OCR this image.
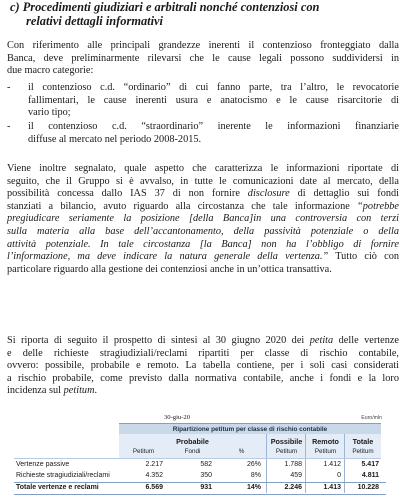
c) Procedimenti giudiziari e arbitrali nonché contenziosi con
relativi dettagli informativi
Con riferimento alle principali grandezze inerenti il contenzioso fronteggiato dalla
Banca, deve preliminarmente rilevarsi che le cause legali possono suddividersi in
due macro categorie:
-	il contenzioso c.d. “ordinario” di cui fanno parte, tra l’altro, le revocatorie
fallimentari, le cause inerenti usura e anatocismo e le cause risarcitorie di
vario tipo;
-	il contenzioso c.d. “straordinario” inerente le informazioni finanziarie
diffuse al mercato nel periodo 2008-2015.
Viene inoltre segnalato, quale aspetto che caratterizza le informazioni riportate di
seguito, che il Gruppo si è avvalso, in tutte le comunicazioni date al mercato, della
possibilità concessa dallo IAS 37 di non fornire disclosure di dettaglio sui fondi
stanziati a bilancio, avuto riguardo alla circostanza che tale informazione “potrebbe
pregiudicare seriamente la posizione [della Banca]in una controversia con terzi
sulla materia alla base dell’accantonamento, della passività potenziale o della
attività potenziale. In tale circostanza [la Banca] non ha l’obbligo di fornire
l’informazione, ma deve indicare la natura generale della vertenza.” Tutto ciò con
particolare riguardo alla gestione dei contenziosi anche in un’ottica transattiva.
Si riporta di seguito il prospetto di sintesi al 30 giugno 2020 dei petita delle vertenze
e delle richieste stragiudiziali/reclami ripartiti per classe di rischio contabile,
ovvero: possibile, probabile e remoto. La tabella contiene, per i soli casi considerati
a rischio probabile, come previsto dalla normativa contabile, anche i fondi e la loro
incidenza sul petitum.
30-giu-20	Euro/mln
Ripartizione petitum per classe di rischio contabile
Probabile	Possibile	Remoto	Totale
Petitum	Fondi	%	Petitum	Petitum	Petitum
Vertenze passive	2.217	582	26%	1.788	1.412	5.417
Richieste stragiudiziali/reclami	4.352	350	8%	459	0	4.811
Totale vertenze e reclami	6.569	931	14%	2.246	1.413	10.228
